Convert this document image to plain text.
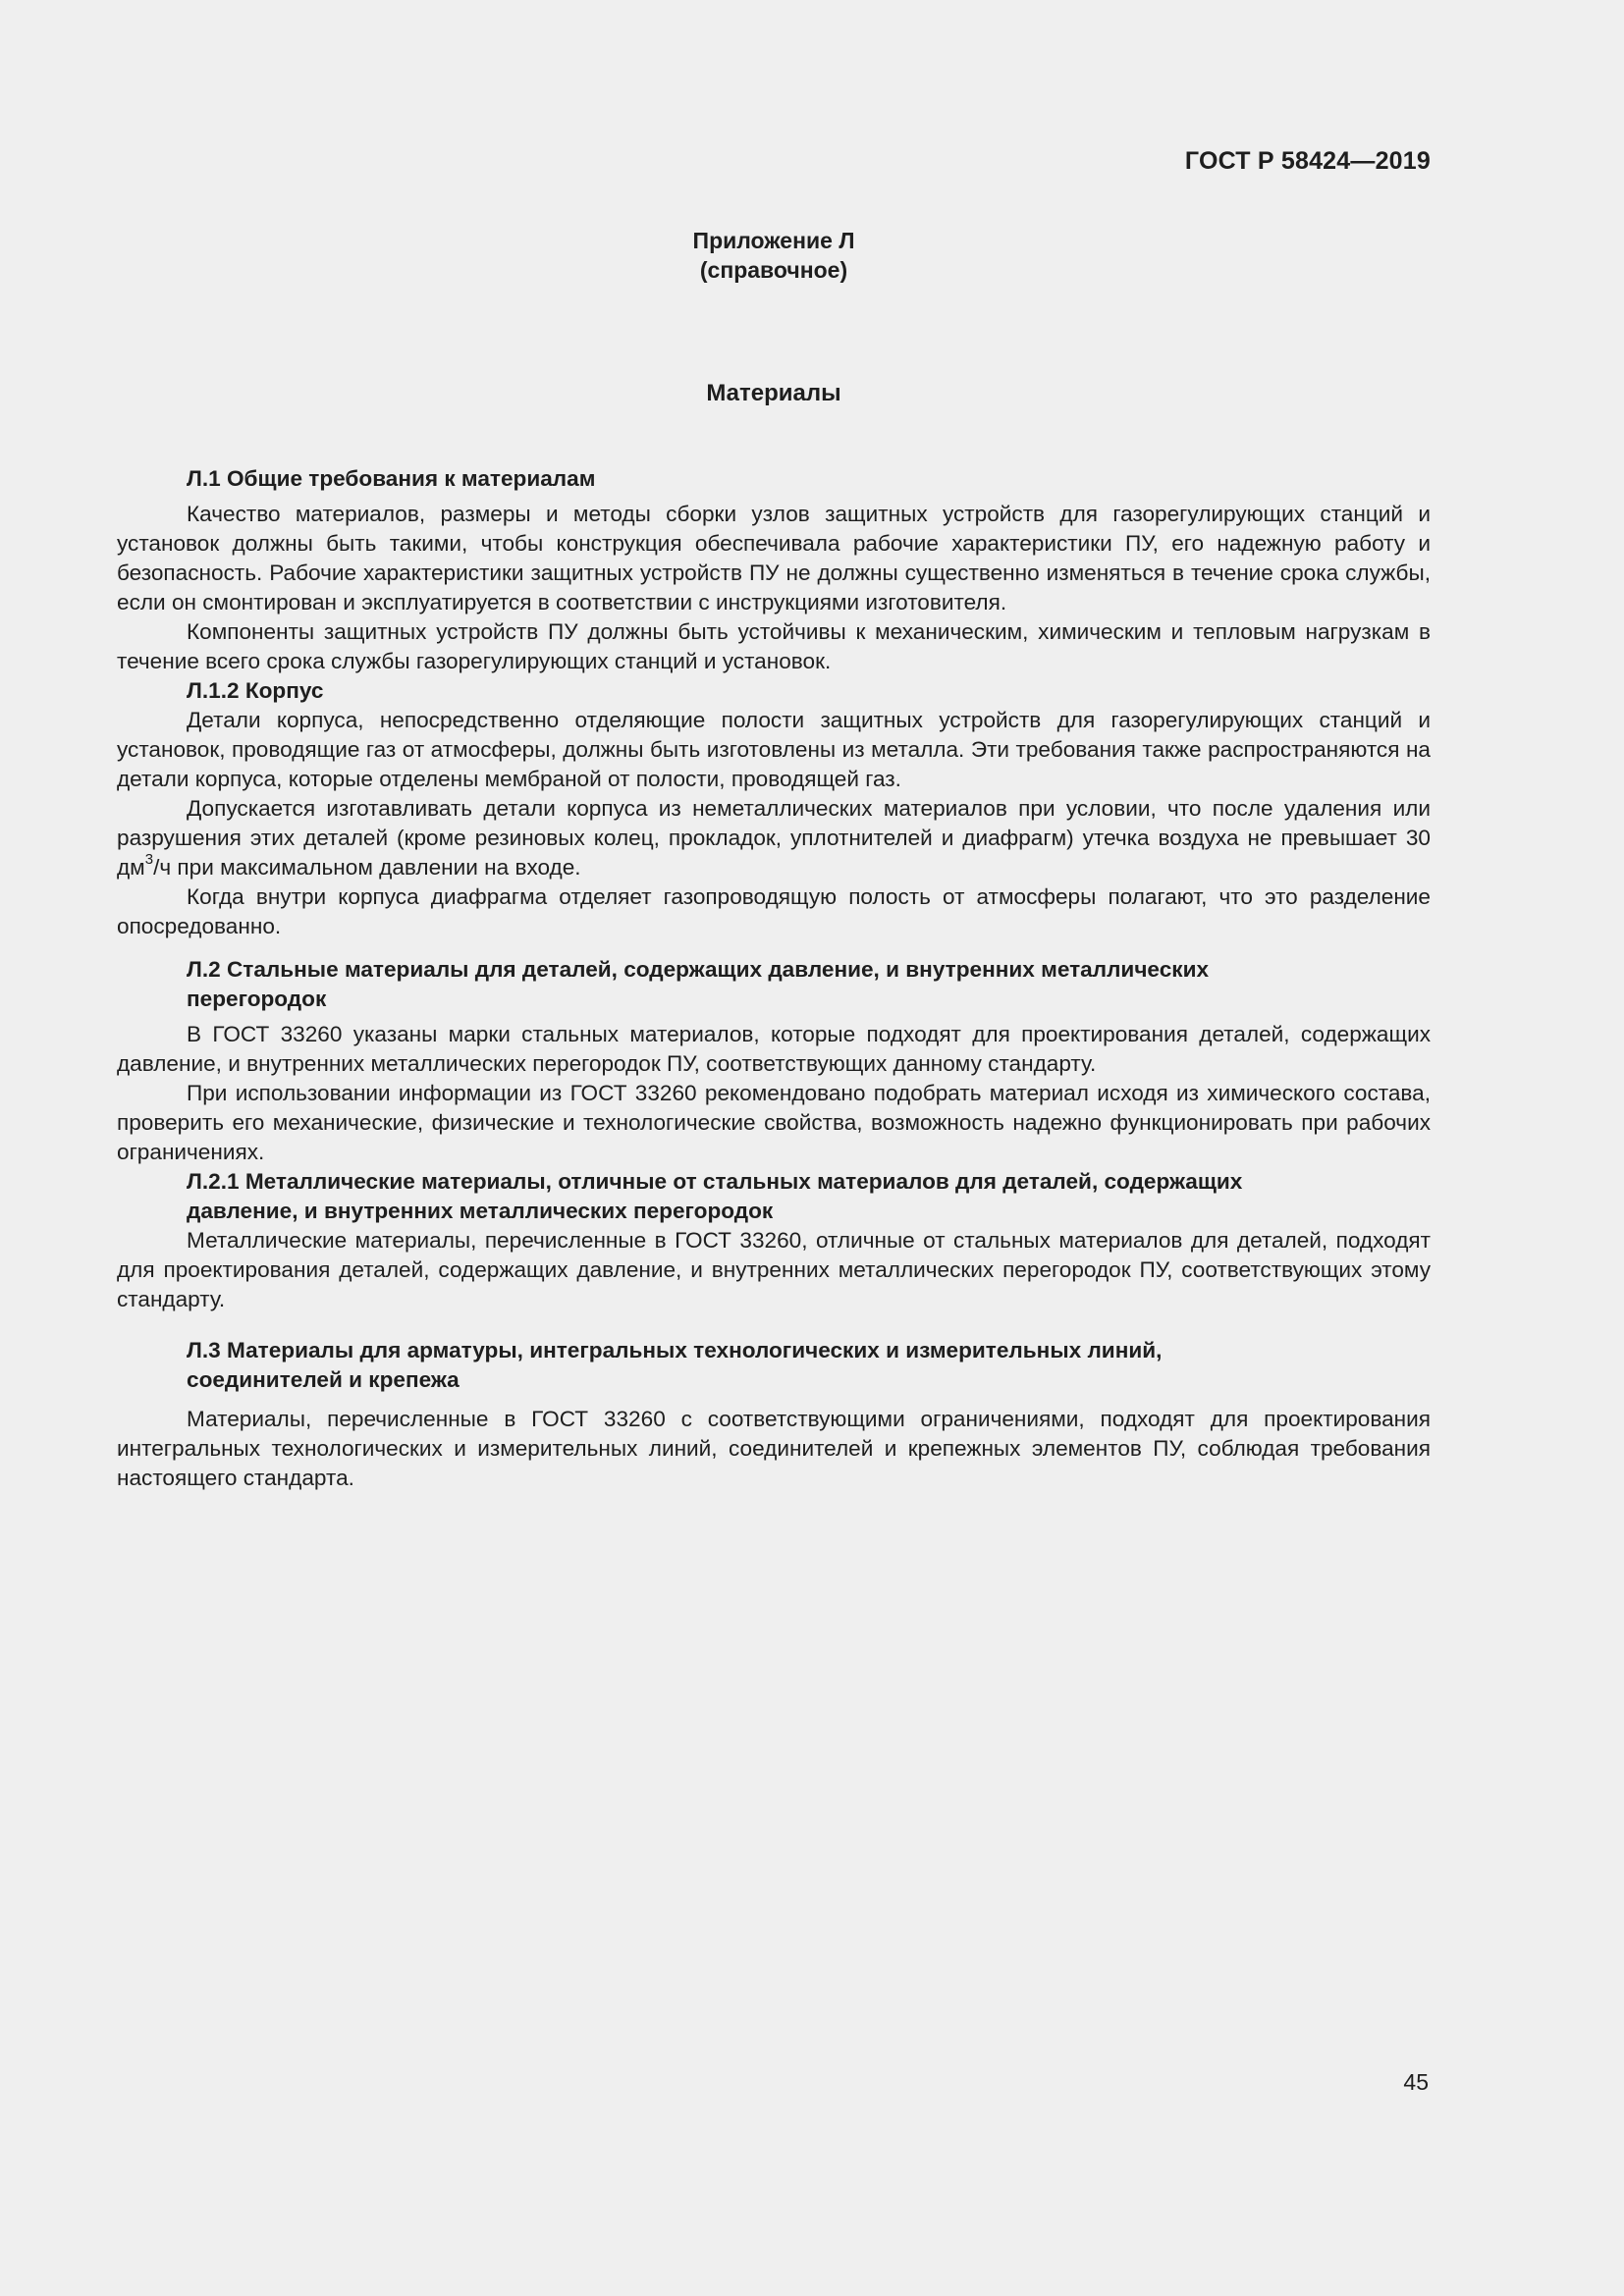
ГОСТ Р 58424—2019
Приложение Л
(справочное)
Материалы
Л.1 Общие требования к материалам

Качество материалов, размеры и методы сборки узлов защитных устройств для газорегулирующих станций и установок должны быть такими, чтобы конструкция обеспечивала рабочие характеристики ПУ, его надежную работу и безопасность. Рабочие характеристики защитных устройств ПУ не должны существенно изменяться в течение срока службы, если он смонтирован и эксплуатируется в соответствии с инструкциями изготовителя.

Компоненты защитных устройств ПУ должны быть устойчивы к механическим, химическим и тепловым нагрузкам в течение всего срока службы газорегулирующих станций и установок.

Л.1.2 Корпус

Детали корпуса, непосредственно отделяющие полости защитных устройств для газорегулирующих станций и установок, проводящие газ от атмосферы, должны быть изготовлены из металла. Эти требования также распространяются на детали корпуса, которые отделены мембраной от полости, проводящей газ.

Допускается изготавливать детали корпуса из неметаллических материалов при условии, что после удаления или разрушения этих деталей (кроме резиновых колец, прокладок, уплотнителей и диафрагм) утечка воздуха не превышает 30 $дм^3/ч$ при максимальном давлении на входе.

Когда внутри корпуса диафрагма отделяет газопроводящую полость от атмосферы полагают, что это разделение опосредованно.

Л.2 Стальные материалы для деталей, содержащих давление, и внутренних металлических
перегородок

В ГОСТ 33260 указаны марки стальных материалов, которые подходят для проектирования деталей, содержащих давление, и внутренних металлических перегородок ПУ, соответствующих данному стандарту.

При использовании информации из ГОСТ 33260 рекомендовано подобрать материал исходя из химического состава, проверить его механические, физические и технологические свойства, возможность надежно функционировать при рабочих ограничениях.

Л.2.1 Металлические материалы, отличные от стальных материалов для деталей, содержащих
давление, и внутренних металлических перегородок

Металлические материалы, перечисленные в ГОСТ 33260, отличные от стальных материалов для деталей, подходят для проектирования деталей, содержащих давление, и внутренних металлических перегородок ПУ, соответствующих этому стандарту.

Л.3 Материалы для арматуры, интегральных технологических и измерительных линий,
соединителей и крепежа

Материалы, перечисленные в ГОСТ 33260 с соответствующими ограничениями, подходят для проектирования интегральных технологических и измерительных линий, соединителей и крепежных элементов ПУ, соблюдая требования настоящего стандарта.

45
